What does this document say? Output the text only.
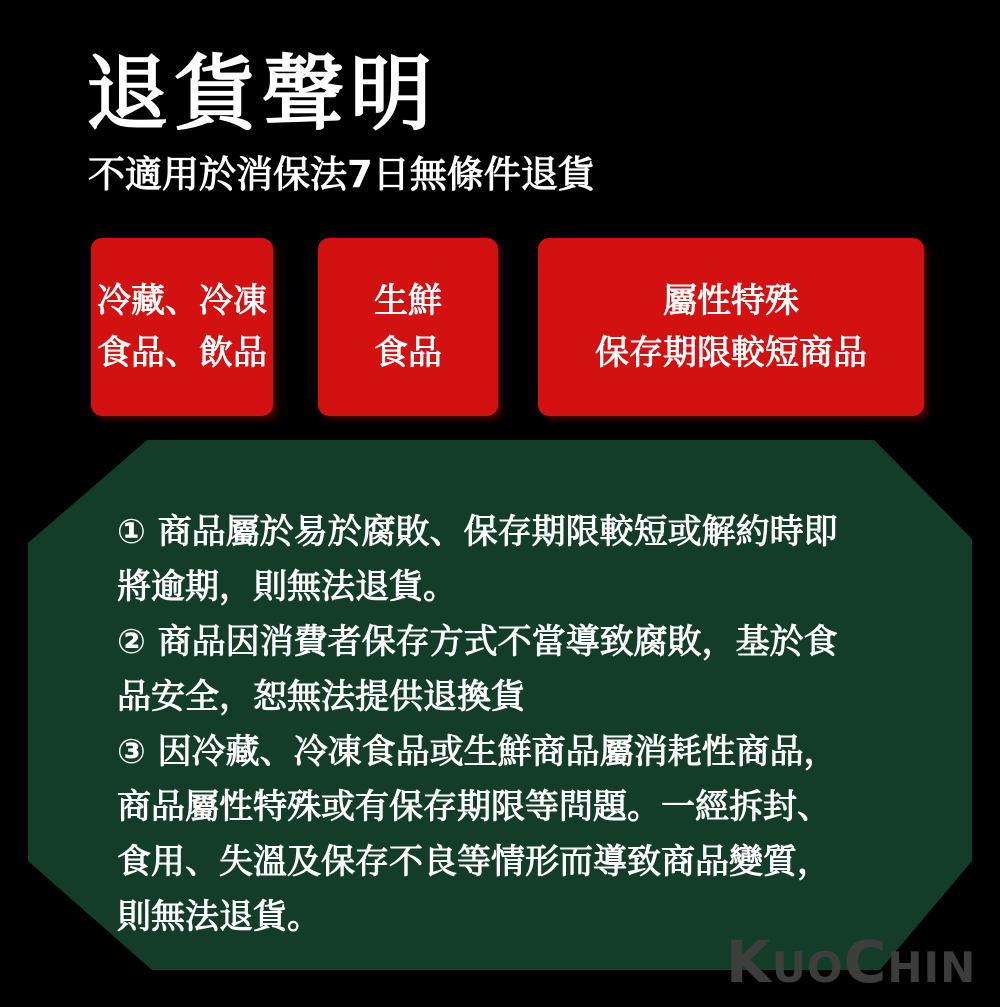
退貨聲明
不適用於消保法7日無條件退貨
冷藏、冷凍
食品、飲品
生鮮
食品
屬性特殊
保存期限較短商品
① 商品屬於易於腐敗、保存期限較短或解約時即
將逾期，則無法退貨。
② 商品因消費者保存方式不當導致腐敗，基於食
品安全，恕無法提供退換貨
③ 因冷藏、冷凍食品或生鮮商品屬消耗性商品，
商品屬性特殊或有保存期限等問題。一經拆封、
食用、失溫及保存不良等情形而導致商品變質，
則無法退貨。
KUOCHIN
